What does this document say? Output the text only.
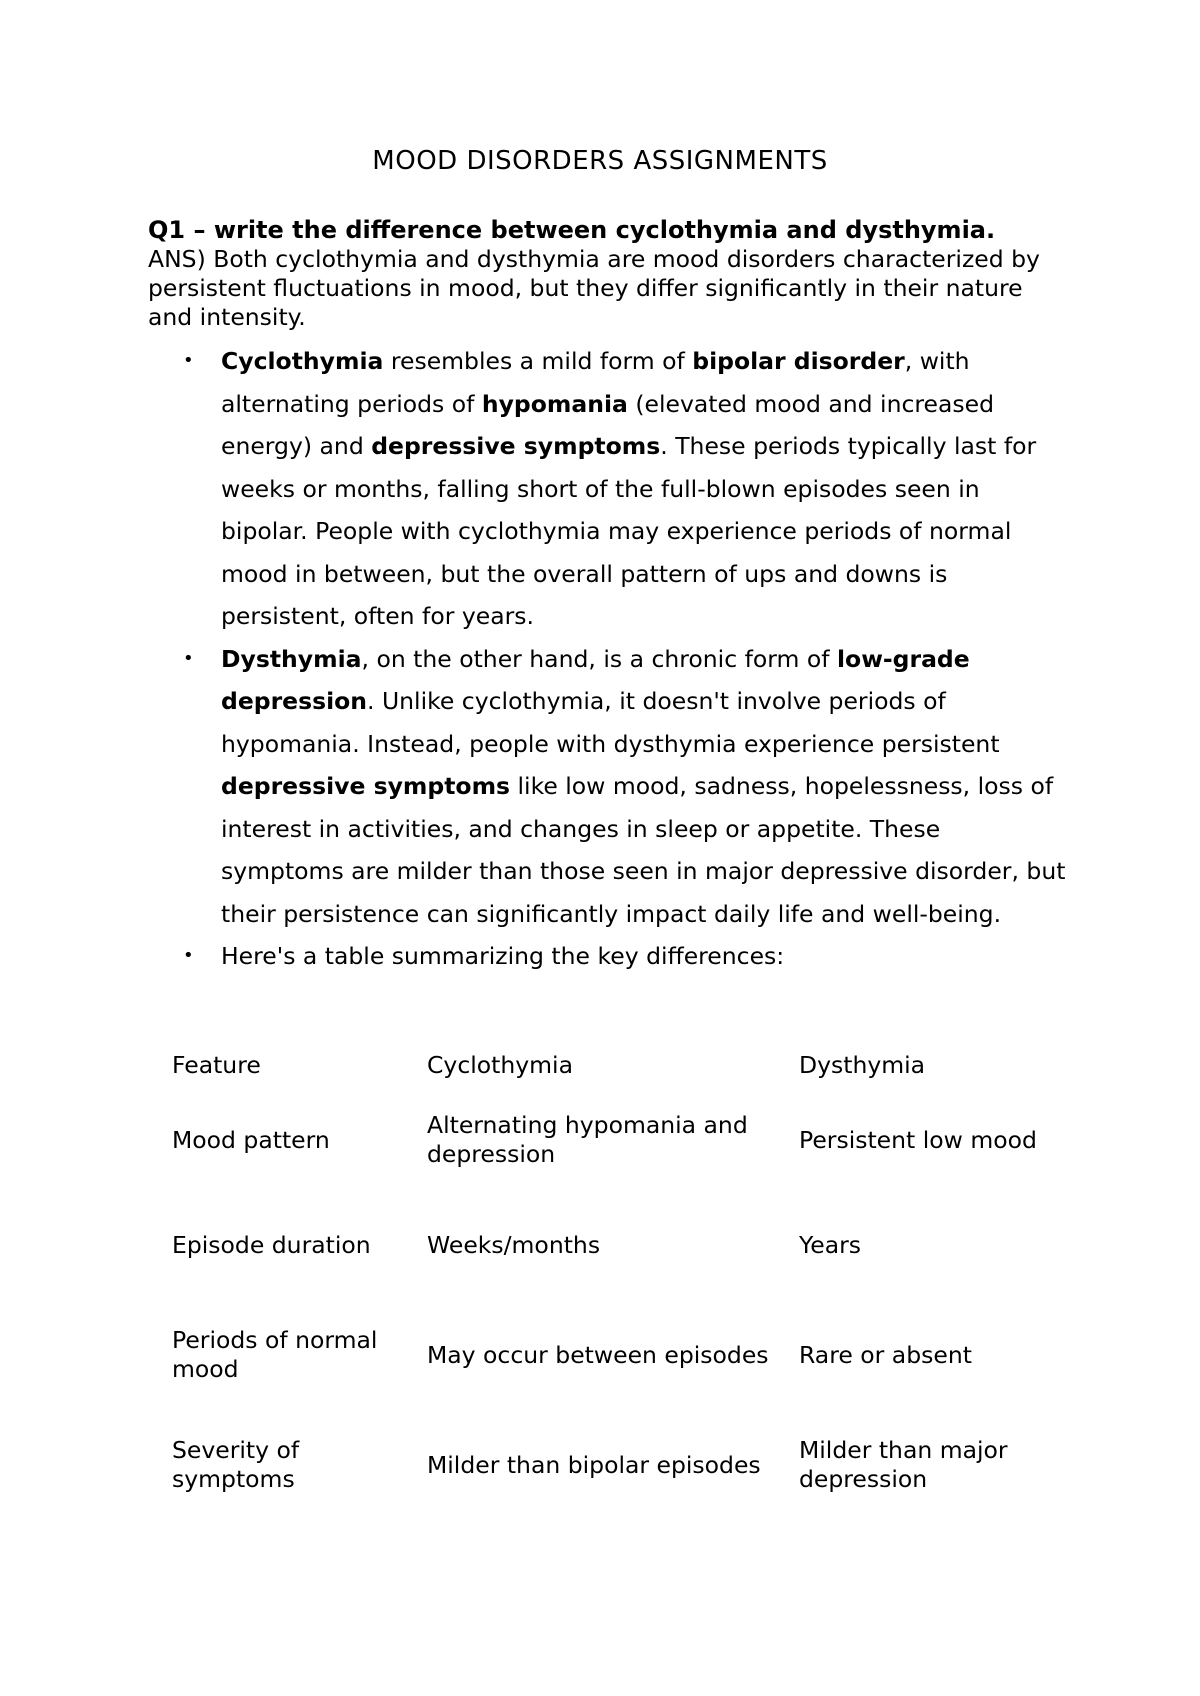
MOOD DISORDERS ASSIGNMENTS

Q1 – write the difference between cyclothymia and dysthymia.

ANS) Both cyclothymia and dysthymia are mood disorders characterized by persistent fluctuations in mood, but they differ significantly in their nature and intensity.

• Cyclothymia resembles a mild form of bipolar disorder, with alternating periods of hypomania (elevated mood and increased energy) and depressive symptoms. These periods typically last for weeks or months, falling short of the full-blown episodes seen in bipolar. People with cyclothymia may experience periods of normal mood in between, but the overall pattern of ups and downs is persistent, often for years.
• Dysthymia, on the other hand, is a chronic form of low-grade depression. Unlike cyclothymia, it doesn't involve periods of hypomania. Instead, people with dysthymia experience persistent depressive symptoms like low mood, sadness, hopelessness, loss of interest in activities, and changes in sleep or appetite. These symptoms are milder than those seen in major depressive disorder, but their persistence can significantly impact daily life and well-being.
• Here's a table summarizing the key differences:
Feature	Cyclothymia	Dysthymia
Mood pattern	Alternating hypomania and depression	Persistent low mood
Episode duration	Weeks/months	Years
Periods of normal mood	May occur between episodes	Rare or absent
Severity of symptoms	Milder than bipolar episodes	Milder than major depression
